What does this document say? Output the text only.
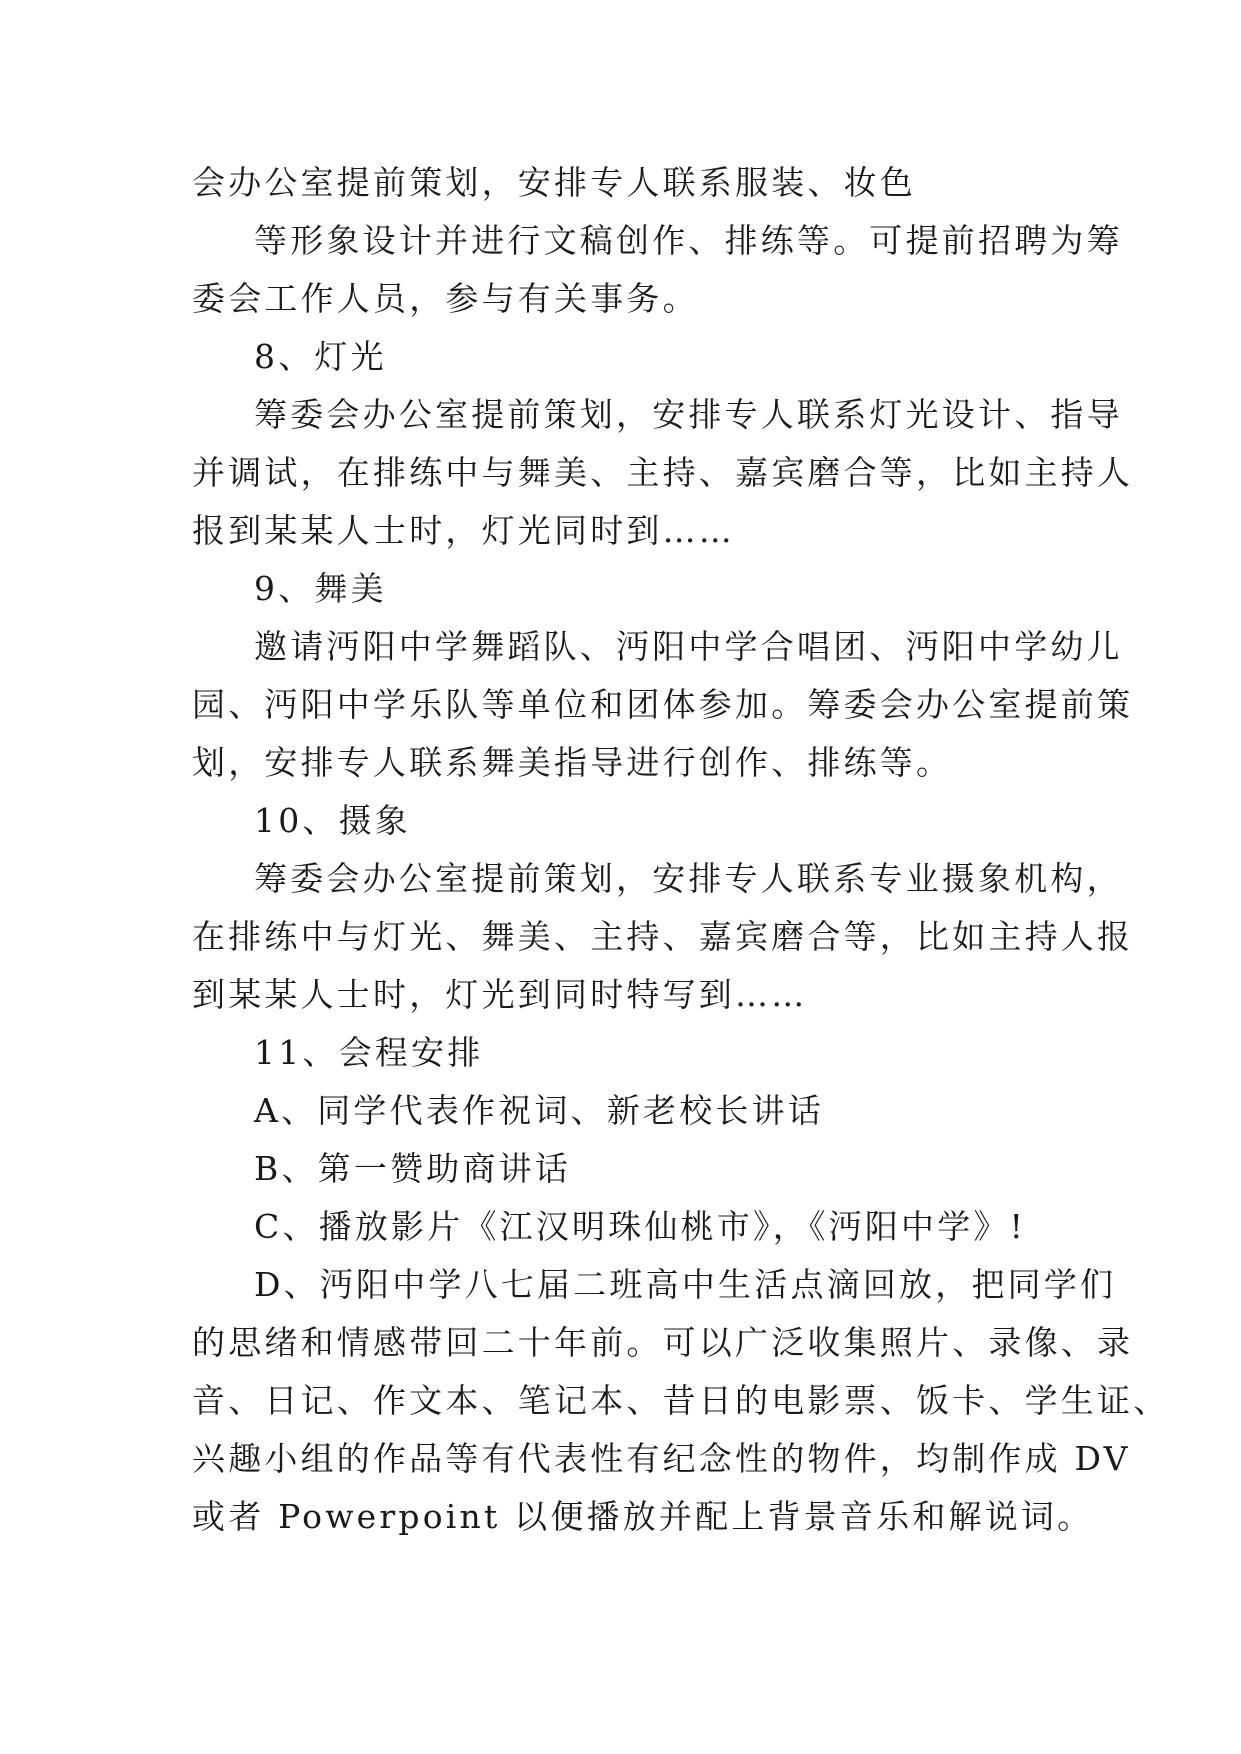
会办公室提前策划，安排专人联系服装、妆色
等形象设计并进行文稿创作、排练等。可提前招聘为筹
委会工作人员，参与有关事务。
8、灯光
筹委会办公室提前策划，安排专人联系灯光设计、指导
并调试，在排练中与舞美、主持、嘉宾磨合等，比如主持人
报到某某人士时，灯光同时到……
9、舞美
邀请沔阳中学舞蹈队、沔阳中学合唱团、沔阳中学幼儿
园、沔阳中学乐队等单位和团体参加。筹委会办公室提前策
划，安排专人联系舞美指导进行创作、排练等。
10、摄象
筹委会办公室提前策划，安排专人联系专业摄象机构，
在排练中与灯光、舞美、主持、嘉宾磨合等，比如主持人报
到某某人士时，灯光到同时特写到……
11、会程安排
A、同学代表作祝词、新老校长讲话
B、第一赞助商讲话
C、播放影片《江汉明珠仙桃市》，《沔阳中学》!
D、沔阳中学八七届二班高中生活点滴回放，把同学们
的思绪和情感带回二十年前。可以广泛收集照片、录像、录
音、日记、作文本、笔记本、昔日的电影票、饭卡、学生证、
兴趣小组的作品等有代表性有纪念性的物件，均制作成 DV
或者 Powerpoint 以便播放并配上背景音乐和解说词。
